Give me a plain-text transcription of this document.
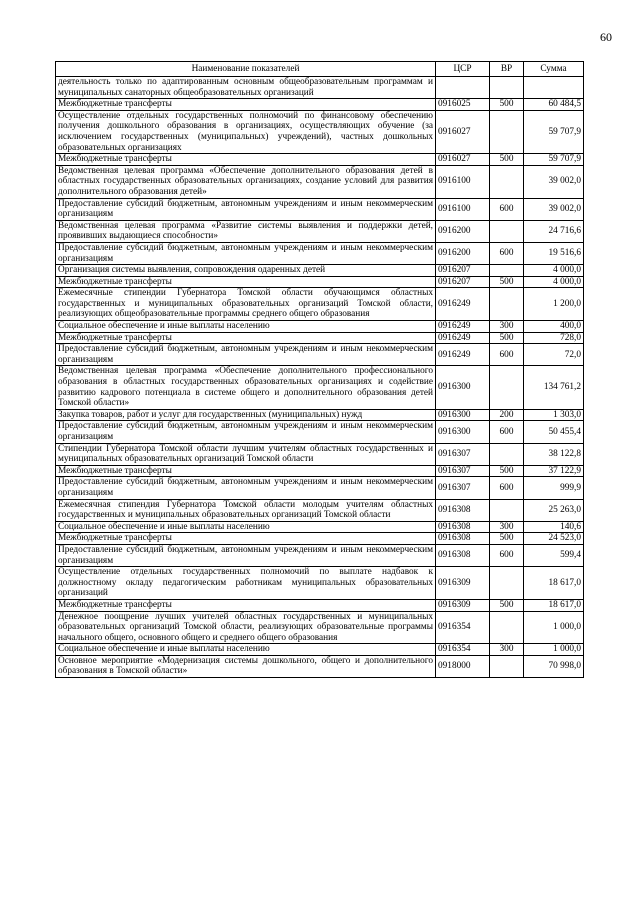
60
Наименование показателей	ЦСР	ВР	Сумма
деятельность только по адаптированным основным общеобразовательным программам и муниципальных санаторных общеобразовательных организаций			
Межбюджетные трансферты	0916025	500	60 484,5
Осуществление отдельных государственных полномочий по финансовому обеспечению получения дошкольного образования в организациях, осуществляющих обучение (за исключением государственных (муниципальных) учреждений), частных дошкольных образовательных организациях	0916027		59 707,9
Межбюджетные трансферты	0916027	500	59 707,9
Ведомственная целевая программа «Обеспечение дополнительного образования детей в областных государственных образовательных организациях, создание условий для развития дополнительного образования детей»	0916100		39 002,0
Предоставление субсидий бюджетным, автономным учреждениям и иным некоммерческим организациям	0916100	600	39 002,0
Ведомственная целевая программа «Развитие системы выявления и поддержки детей, проявивших выдающиеся способности»	0916200		24 716,6
Предоставление субсидий бюджетным, автономным учреждениям и иным некоммерческим организациям	0916200	600	19 516,6
Организация системы выявления, сопровождения одаренных детей	0916207		4 000,0
Межбюджетные трансферты	0916207	500	4 000,0
Ежемесячные стипендии Губернатора Томской области обучающимся областных государственных и муниципальных образовательных организаций Томской области, реализующих общеобразовательные программы среднего общего образования	0916249		1 200,0
Социальное обеспечение и иные выплаты населению	0916249	300	400,0
Межбюджетные трансферты	0916249	500	728,0
Предоставление субсидий бюджетным, автономным учреждениям и иным некоммерческим организациям	0916249	600	72,0
Ведомственная целевая программа «Обеспечение дополнительного профессионального образования в областных государственных образовательных организациях и содействие развитию кадрового потенциала в системе общего и дополнительного образования детей Томской области»	0916300		134 761,2
Закупка товаров, работ и услуг для государственных (муниципальных) нужд	0916300	200	1 303,0
Предоставление субсидий бюджетным, автономным учреждениям и иным некоммерческим организациям	0916300	600	50 455,4
Стипендии Губернатора Томской области лучшим учителям областных государственных и муниципальных образовательных организаций Томской области	0916307		38 122,8
Межбюджетные трансферты	0916307	500	37 122,9
Предоставление субсидий бюджетным, автономным учреждениям и иным некоммерческим организациям	0916307	600	999,9
Ежемесячная стипендия Губернатора Томской области молодым учителям областных государственных и муниципальных образовательных организаций Томской области	0916308		25 263,0
Социальное обеспечение и иные выплаты населению	0916308	300	140,6
Межбюджетные трансферты	0916308	500	24 523,0
Предоставление субсидий бюджетным, автономным учреждениям и иным некоммерческим организациям	0916308	600	599,4
Осуществление отдельных государственных полномочий по выплате надбавок к должностному окладу педагогическим работникам муниципальных образовательных организаций	0916309		18 617,0
Межбюджетные трансферты	0916309	500	18 617,0
Денежное поощрение лучших учителей областных государственных и муниципальных образовательных организаций Томской области, реализующих образовательные программы начального общего, основного общего и среднего общего образования	0916354		1 000,0
Социальное обеспечение и иные выплаты населению	0916354	300	1 000,0
Основное мероприятие «Модернизация системы дошкольного, общего и дополнительного образования в Томской области»	0918000		70 998,0
